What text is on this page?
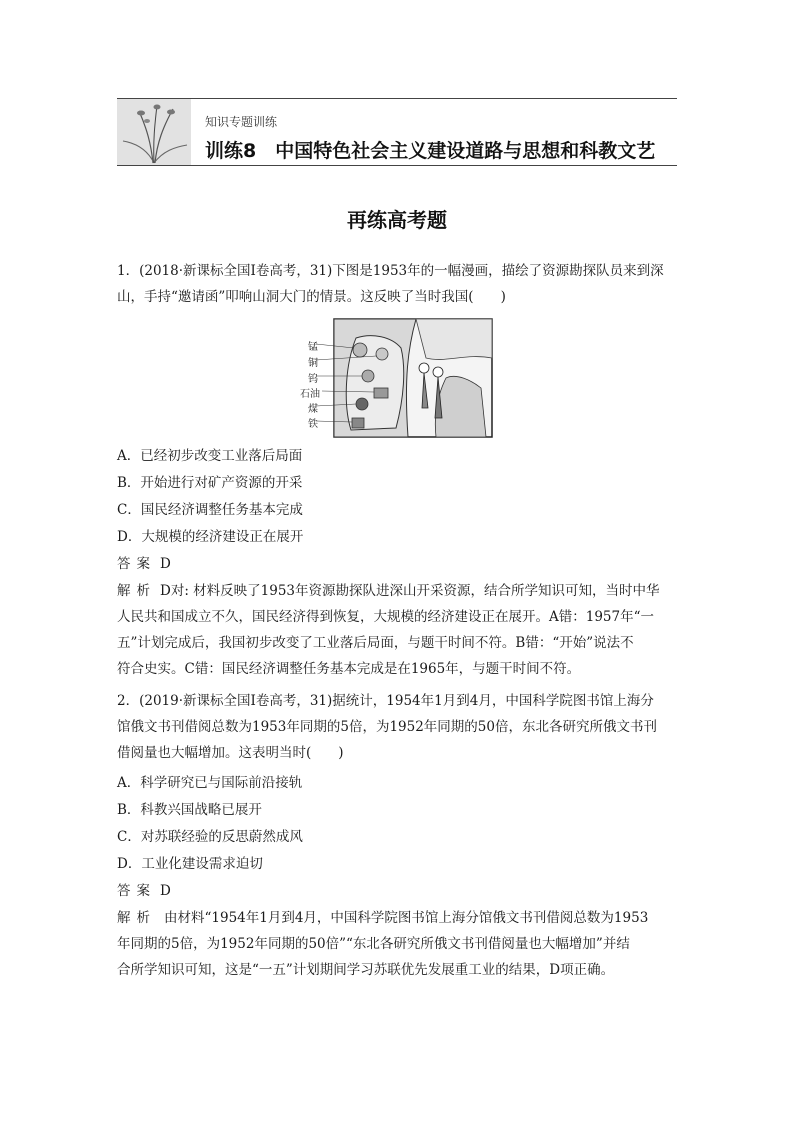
知识专题训练
训练8　中国特色社会主义建设道路与思想和科教文艺
再练高考题
1．(2018·新课标全国Ⅰ卷高考，31)下图是1953年的一幅漫画，描绘了资源勘探队员来到深
山，手持“邀请函”叩响山洞大门的情景。这反映了当时我国(　　)
锰
铜
钨
石油
煤
铁
A．已经初步改变工业落后局面
B．开始进行对矿产资源的开采
C．国民经济调整任务基本完成
D．大规模的经济建设正在展开
答案 D
解析 D对: 材料反映了1953年资源勘探队进深山开采资源，结合所学知识可知，当时中华
人民共和国成立不久，国民经济得到恢复，大规模的经济建设正在展开。A错：1957年“一
五”计划完成后，我国初步改变了工业落后局面，与题干时间不符。B错：“开始”说法不
符合史实。C错：国民经济调整任务基本完成是在1965年，与题干时间不符。
2．(2019·新课标全国Ⅰ卷高考，31)据统计，1954年1月到4月，中国科学院图书馆上海分
馆俄文书刊借阅总数为1953年同期的5倍，为1952年同期的50倍，东北各研究所俄文书刊
借阅量也大幅增加。这表明当时(　　)
A．科学研究已与国际前沿接轨
B．科教兴国战略已展开
C．对苏联经验的反思蔚然成风
D．工业化建设需求迫切
答案 D
解析 由材料“1954年1月到4月，中国科学院图书馆上海分馆俄文书刊借阅总数为1953
年同期的5倍，为1952年同期的50倍”“东北各研究所俄文书刊借阅量也大幅增加”并结
合所学知识可知，这是“一五”计划期间学习苏联优先发展重工业的结果，D项正确。
